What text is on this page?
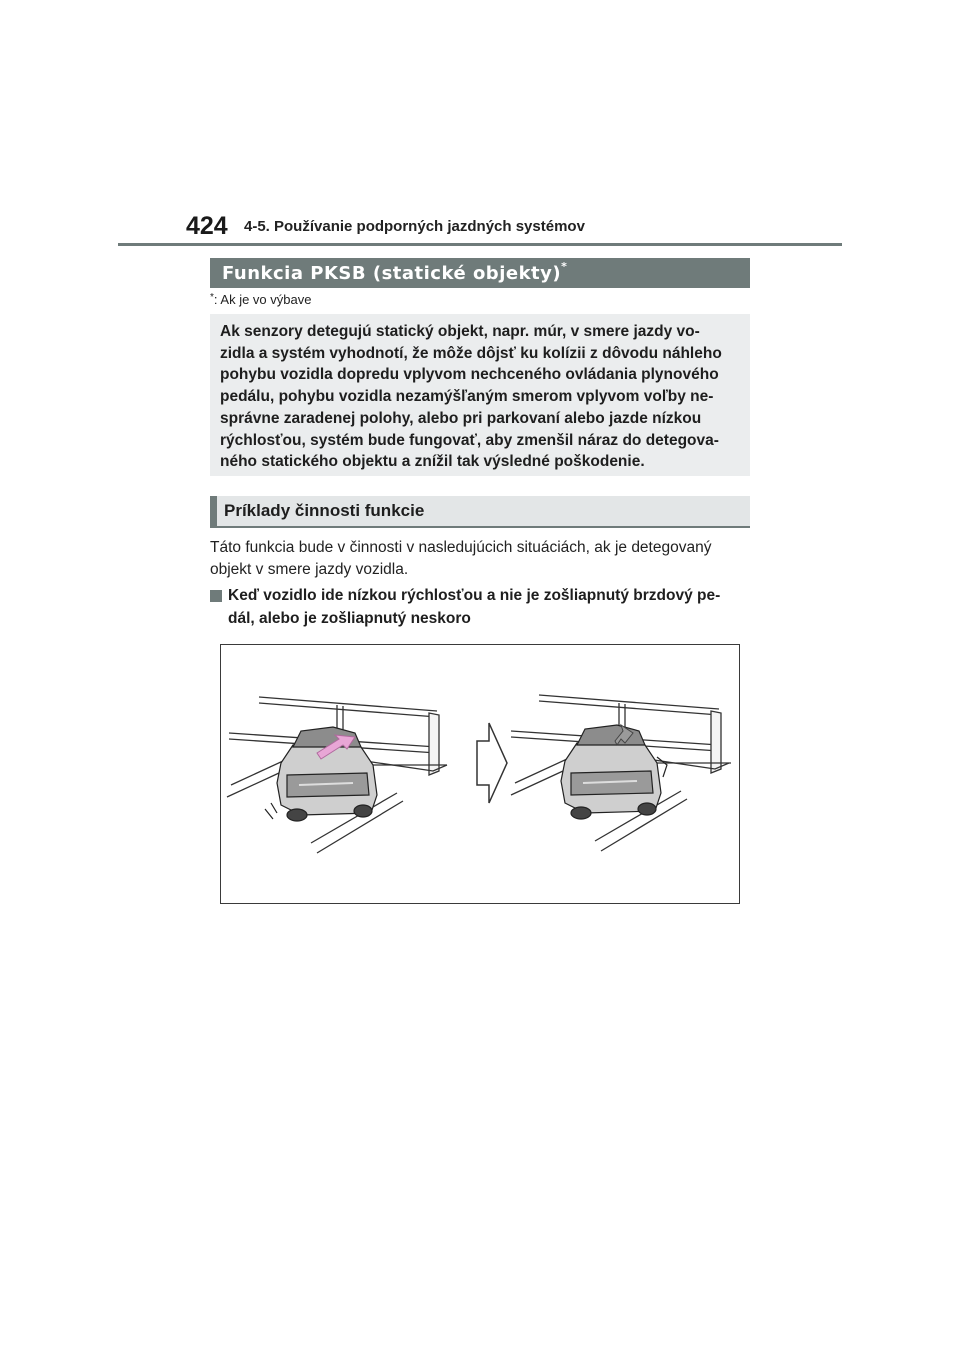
424 4-5. Používanie podporných jazdných systémov
Funkcia PKSB (statické objekty)*
*: Ak je vo výbave
Ak senzory detegujú statický objekt, napr. múr, v smere jazdy vo-
zidla a systém vyhodnotí, že môže dôjsť ku kolízii z dôvodu náhleho
pohybu vozidla dopredu vplyvom nechceného ovládania plynového
pedálu, pohybu vozidla nezamýšľaným smerom vplyvom voľby ne-
správne zaradenej polohy, alebo pri parkovaní alebo jazde nízkou
rýchlosťou, systém bude fungovať, aby zmenšil náraz do detegova-
ného statického objektu a znížil tak výsledné poškodenie.
Príklady činnosti funkcie
Táto funkcia bude v činnosti v nasledujúcich situáciách, ak je detegovaný
objekt v smere jazdy vozidla.
Keď vozidlo ide nízkou rýchlosťou a nie je zošliapnutý brzdový pe-
dál, alebo je zošliapnutý neskoro
